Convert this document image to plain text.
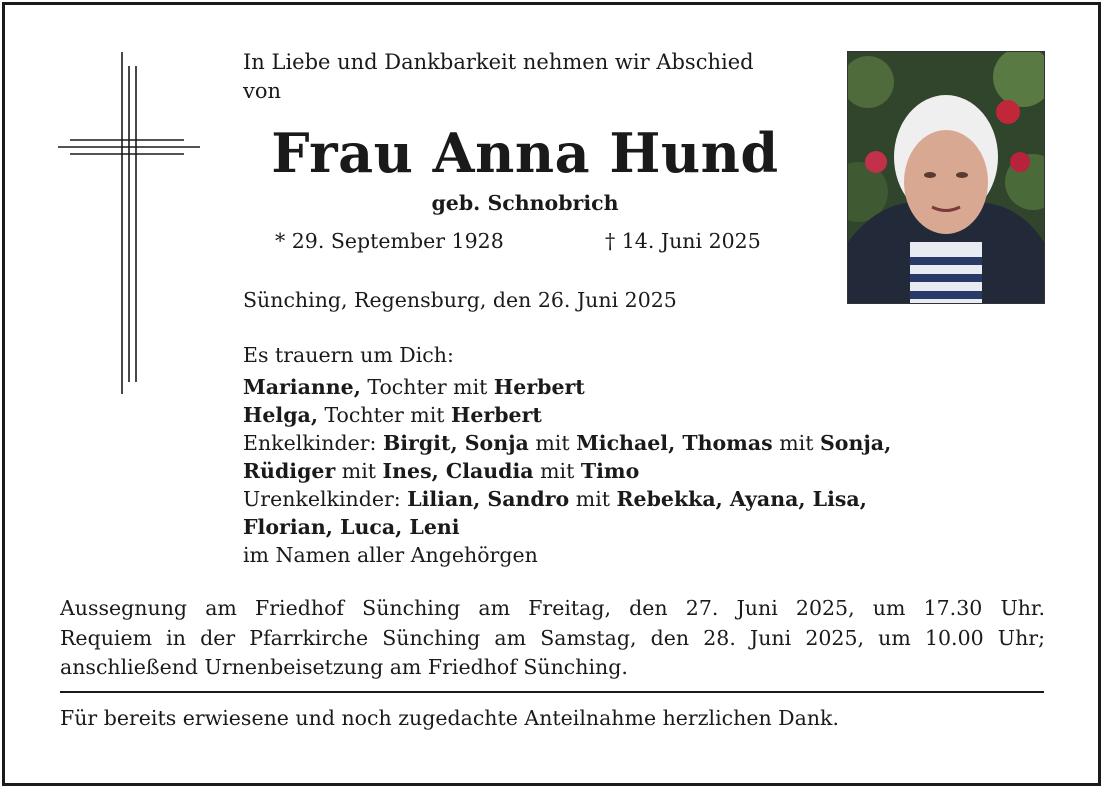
In Liebe und Dankbarkeit nehmen wir Abschied
von
Frau Anna Hund
geb. Schnobrich
* 29. September 1928	† 14. Juni 2025
Sünching, Regensburg, den 26. Juni 2025
Es trauern um Dich:
Marianne, Tochter mit Herbert
Helga, Tochter mit Herbert
Enkelkinder: Birgit, Sonja mit Michael, Thomas mit Sonja,
Rüdiger mit Ines, Claudia mit Timo
Urenkelkinder: Lilian, Sandro mit Rebekka, Ayana, Lisa,
Florian, Luca, Leni
im Namen aller Angehörgen
Aussegnung am Friedhof Sünching am Freitag, den 27. Juni 2025, um 17.30 Uhr.
Requiem in der Pfarrkirche Sünching am Samstag, den 28. Juni 2025, um 10.00 Uhr;
anschließend Urnenbeisetzung am Friedhof Sünching.
Für bereits erwiesene und noch zugedachte Anteilnahme herzlichen Dank.
